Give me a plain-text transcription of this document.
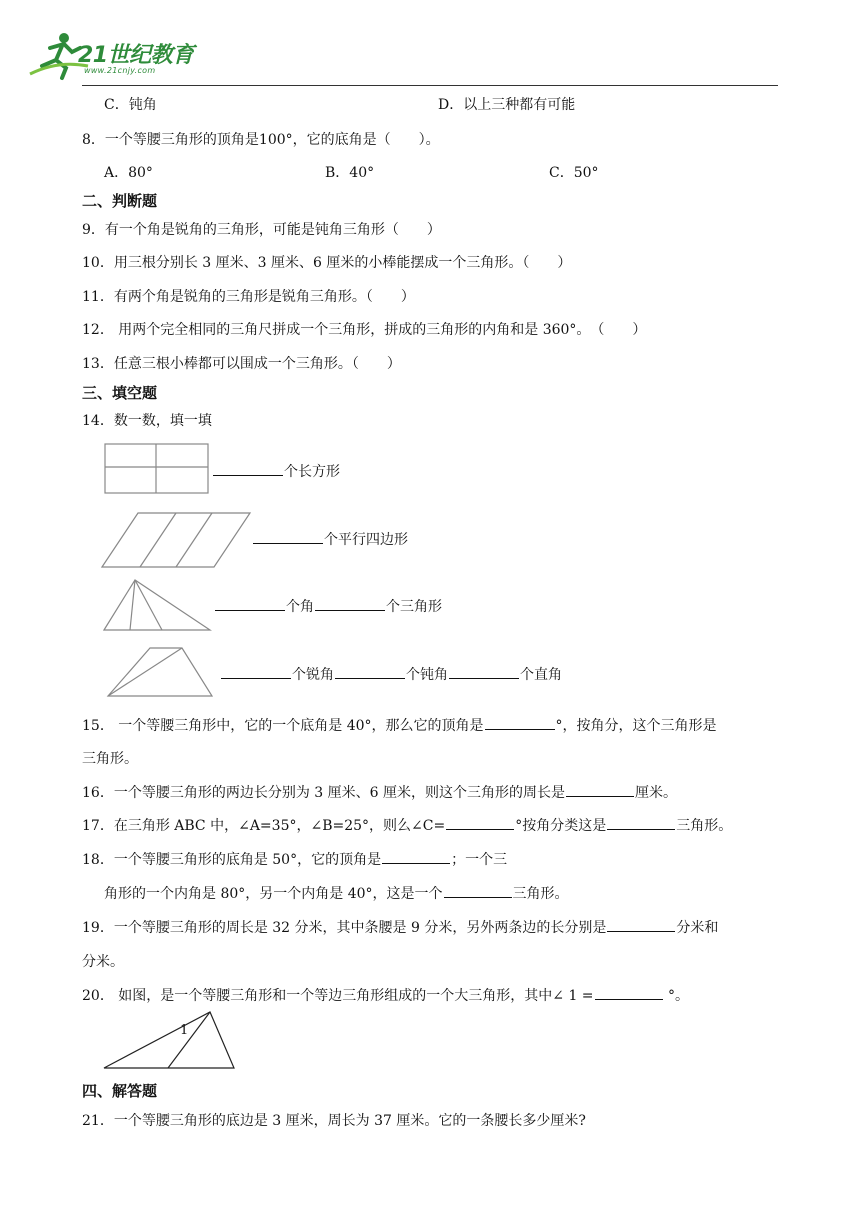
21世纪教育
www.21cnjy.com
C．钝角	D．以上三种都有可能
8．一个等腰三角形的顶角是100°，它的底角是（　　）。
A．80°	B．40°	C．50°
二、判断题
9．有一个角是锐角的三角形，可能是钝角三角形（　　）
10．用三根分别长 3 厘米、3 厘米、6 厘米的小棒能摆成一个三角形。（　　）
11．有两个角是锐角的三角形是锐角三角形。（　　）
12． 用两个完全相同的三角尺拼成一个三角形，拼成的三角形的内角和是 360°。　（　　）
13．任意三根小棒都可以围成一个三角形。（　　）
三、填空题
14．数一数，填一填
个长方形
个平行四边形
个角	个三角形
个锐角	个钝角	个直角
15． 一个等腰三角形中，它的一个底角是 40°，那么它的顶角是	°，按角分，这个三角形是
三角形。
16．一个等腰三角形的两边长分别为 3 厘米、6 厘米，则这个三角形的周长是	厘米。
17．在三角形 ABC 中，∠A=35°，∠B=25°，则么∠C=	°按角分类这是	三角形。
18．一个等腰三角形的底角是 50°，它的顶角是	；一个三
角形的一个内角是 80°，另一个内角是 40°，这是一个	三角形。
19．一个等腰三角形的周长是 32 分米，其中条腰是 9 分米，另外两条边的长分别是	分米和
分米。
20． 如图，是一个等腰三角形和一个等边三角形组成的一个大三角形，其中∠ 1 =	°。
1
四、解答题
21．一个等腰三角形的底边是 3 厘米，周长为 37 厘米。它的一条腰长多少厘米?
